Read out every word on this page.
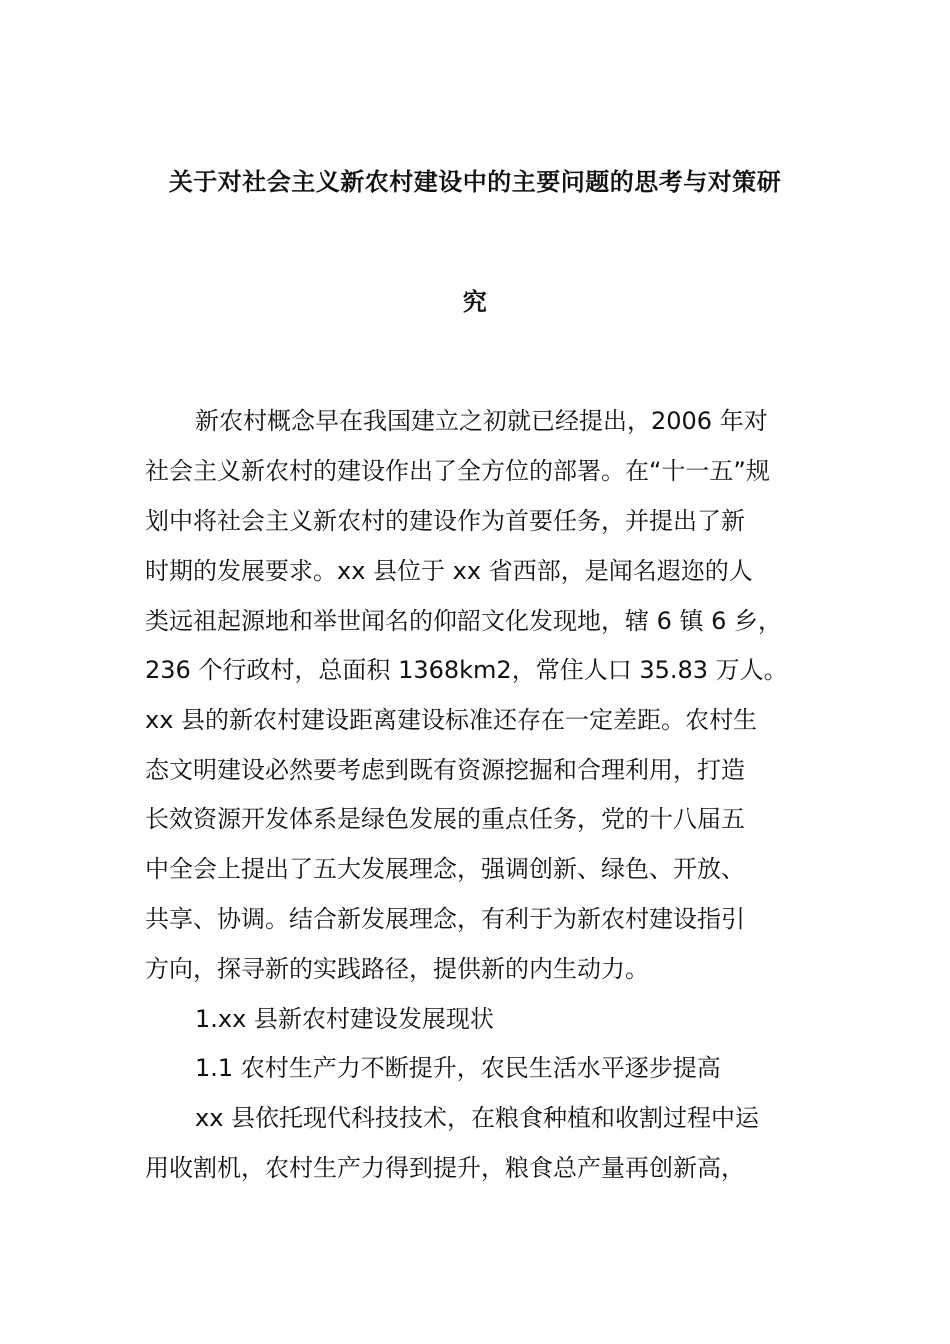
关于对社会主义新农村建设中的主要问题的思考与对策研
究
新农村概念早在我国建立之初就已经提出，2006 年对
社会主义新农村的建设作出了全方位的部署。在“十一五”规
划中将社会主义新农村的建设作为首要任务，并提出了新
时期的发展要求。xx 县位于 xx 省西部，是闻名遐迩的人
类远祖起源地和举世闻名的仰韶文化发现地，辖 6 镇 6 乡，
236 个行政村，总面积 1368km2，常住人口 35.83 万人。
xx 县的新农村建设距离建设标准还存在一定差距。农村生
态文明建设必然要考虑到既有资源挖掘和合理利用，打造
长效资源开发体系是绿色发展的重点任务，党的十八届五
中全会上提出了五大发展理念，强调创新、绿色、开放、
共享、协调。结合新发展理念，有利于为新农村建设指引
方向，探寻新的实践路径，提供新的内生动力。
1.xx 县新农村建设发展现状
1.1 农村生产力不断提升，农民生活水平逐步提高
xx 县依托现代科技技术，在粮食种植和收割过程中运
用收割机，农村生产力得到提升，粮食总产量再创新高，
